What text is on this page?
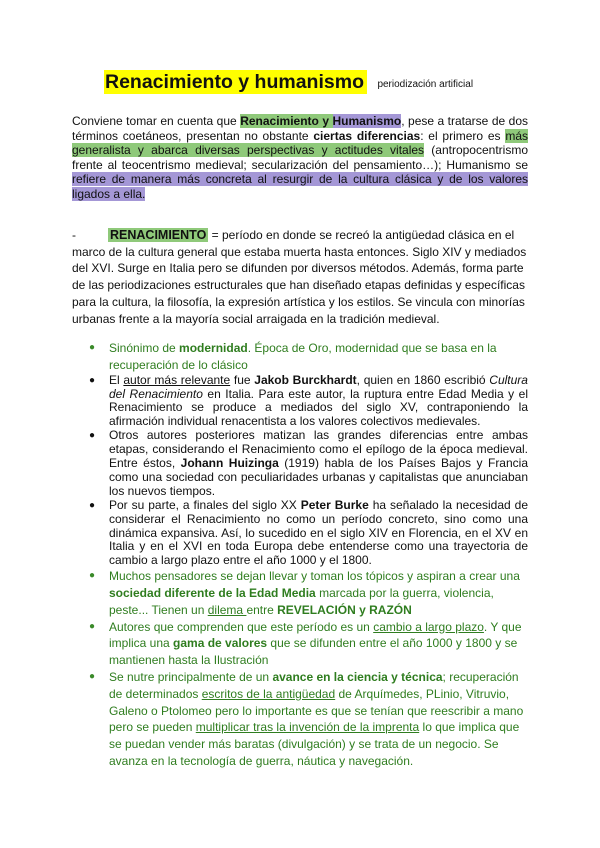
Renacimiento y humanismo periodización artificial

Conviene tomar en cuenta que Renacimiento y Humanismo, pese a tratarse de dos términos coetáneos, presentan no obstante ciertas diferencias: el primero es más generalista y abarca diversas perspectivas y actitudes vitales (antropocentrismo frente al teocentrismo medieval; secularización del pensamiento…); Humanismo se refiere de manera más concreta al resurgir de la cultura clásica y de los valores ligados a ella.

-	RENACIMIENTO = período en donde se recreó la antigüedad clásica en el marco de la cultura general que estaba muerta hasta entonces. Siglo XIV y mediados del XVI. Surge en Italia pero se difunden por diversos métodos. Además, forma parte de las periodizaciones estructurales que han diseñado etapas definidas y específicas para la cultura, la filosofía, la expresión artística y los estilos. Se vincula con minorías urbanas frente a la mayoría social arraigada en la tradición medieval.

● Sinónimo de modernidad. Época de Oro, modernidad que se basa en la recuperación de lo clásico
● El autor más relevante fue Jakob Burckhardt, quien en 1860 escribió Cultura del Renacimiento en Italia. Para este autor, la ruptura entre Edad Media y el Renacimiento se produce a mediados del siglo XV, contraponiendo la afirmación individual renacentista a los valores colectivos medievales.
● Otros autores posteriores matizan las grandes diferencias entre ambas etapas, considerando el Renacimiento como el epílogo de la época medieval. Entre éstos, Johann Huizinga (1919) habla de los Países Bajos y Francia como una sociedad con peculiaridades urbanas y capitalistas que anunciaban los nuevos tiempos.
● Por su parte, a finales del siglo XX Peter Burke ha señalado la necesidad de considerar el Renacimiento no como un período concreto, sino como una dinámica expansiva. Así, lo sucedido en el siglo XIV en Florencia, en el XV en Italia y en el XVI en toda Europa debe entenderse como una trayectoria de cambio a largo plazo entre el año 1000 y el 1800.
● Muchos pensadores se dejan llevar y toman los tópicos y aspiran a crear una sociedad diferente de la Edad Media marcada por la guerra, violencia, peste... Tienen un dilema entre REVELACIÓN y RAZÓN
● Autores que comprenden que este período es un cambio a largo plazo. Y que implica una gama de valores que se difunden entre el año 1000 y 1800 y se mantienen hasta la Ilustración
● Se nutre principalmente de un avance en la ciencia y técnica; recuperación de determinados escritos de la antigüedad de Arquímedes, PLinio, Vitruvio, Galeno o Ptolomeo pero lo importante es que se tenían que reescribir a mano pero se pueden multiplicar tras la invención de la imprenta lo que implica que se puedan vender más baratas (divulgación) y se trata de un negocio. Se avanza en la tecnología de guerra, náutica y navegación.
